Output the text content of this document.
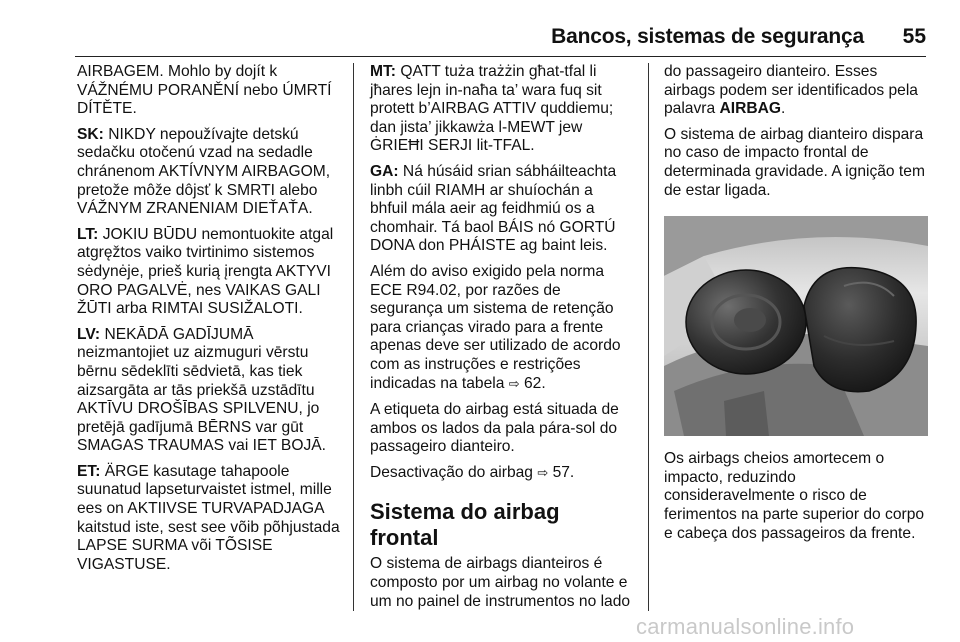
Bancos, sistemas de segurança 55

AIRBAGEM. Mohlo by dojít k VÁŽNÉMU PORANĚNÍ nebo ÚMRTÍ DÍTĚTE.

SK: NIKDY nepoužívajte detskú sedačku otočenú vzad na sedadle chránenom AKTÍVNYM AIRBAGOM, pretože môže dôjsť k SMRTI alebo VÁŽNYM ZRANENIAM DIEŤAŤA.

LT: JOKIU BŪDU nemontuokite atgal atgręžtos vaiko tvirtinimo sistemos sėdynėje, prieš kurią įrengta AKTYVI ORO PAGALVĖ, nes VAIKAS GALI ŽŪTI arba RIMTAI SUSIŽALOTI.

LV: NEKĀDĀ GADĪJUMĀ neizmantojiet uz aizmuguri vērstu bērnu sēdeklīti sēdvietā, kas tiek aizsargāta ar tās priekšā uzstādītu AKTĪVU DROŠĪBAS SPILVENU, jo pretējā gadījumā BĒRNS var gūt SMAGAS TRAUMAS vai IET BOJĀ.

ET: ÄRGE kasutage tahapoole suunatud lapseturvaistet istmel, mille ees on AKTIIVSE TURVAPADJAGA kaitstud iste, sest see võib põhjustada LAPSE SURMA või TÕSISE VIGASTUSE.

MT: QATT tuża trażżin għat-tfal li jħares lejn in-naħa ta’ wara fuq sit protett b’AIRBAG ATTIV quddiemu; dan jista’ jikkawża l-MEWT jew ĠRIEĦI SERJI lit-TFAL.

GA: Ná húsáid srian sábháilteachta linbh cúil RIAMH ar shuíochán a bhfuil mála aeir ag feidhmiú os a chomhair. Tá baol BÁIS nó GORTÚ DONA don PHÁISTE ag baint leis.

Além do aviso exigido pela norma ECE R94.02, por razões de segurança um sistema de retenção para crianças virado para a frente apenas deve ser utilizado de acordo com as instruções e restrições indicadas na tabela ⇨ 62.

A etiqueta do airbag está situada de ambos os lados da pala pára-sol do passageiro dianteiro.

Desactivação do airbag ⇨ 57.

Sistema do airbag frontal

O sistema de airbags dianteiros é composto por um airbag no volante e um no painel de instrumentos no lado

do passageiro dianteiro. Esses airbags podem ser identificados pela palavra AIRBAG.

O sistema de airbag dianteiro dispara no caso de impacto frontal de determinada gravidade. A ignição tem de estar ligada.

Os airbags cheios amortecem o impacto, reduzindo consideravelmente o risco de ferimentos na parte superior do corpo e cabeça dos passageiros da frente.

carmanualsonline.info
